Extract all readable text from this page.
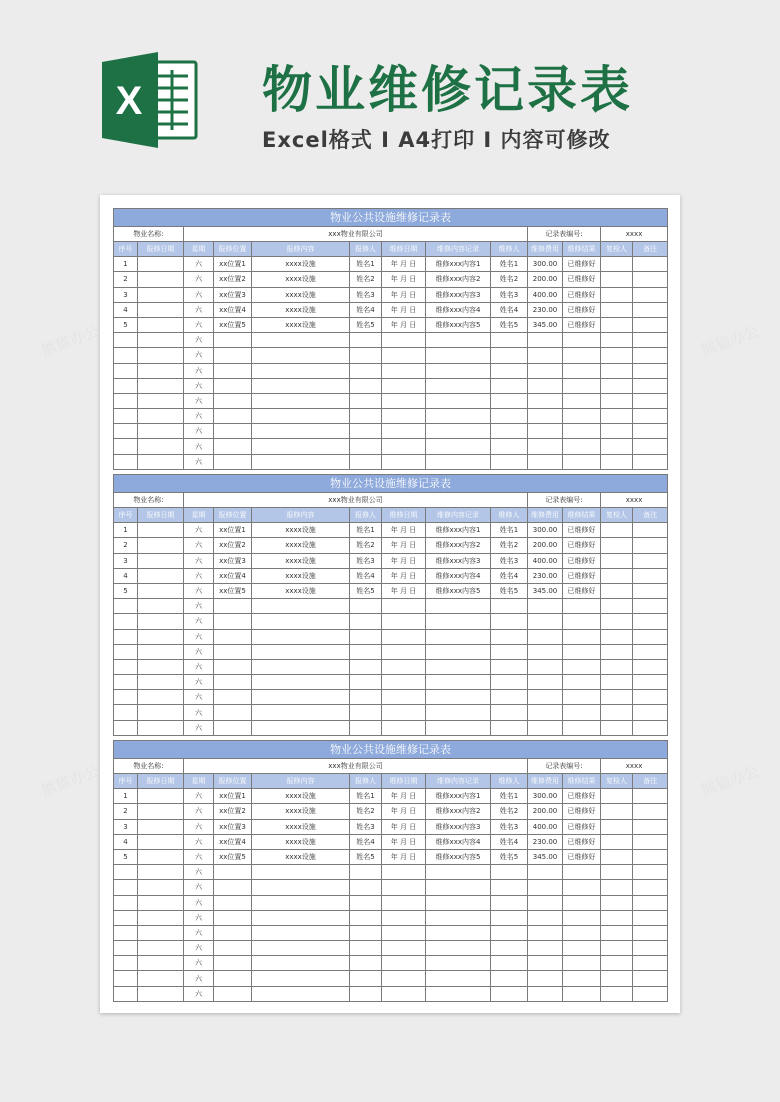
X 物业维修记录表
Excel格式 I A4打印 I 内容可修改
物业公共设施维修记录表												
物业名称:		xxx物业有限公司							记录表编号:		xxxx	
序号	报修日期	星期	报修位置	报修内容	报修人	维修日期	维修内容记录	维修人	维修费用	维修结果	复检人	备注
1		六	xx位置1	xxxx设施	姓名1	年 月 日	维修xxx内容1	姓名1	300.00	已维修好		
2		六	xx位置2	xxxx设施	姓名2	年 月 日	维修xxx内容2	姓名2	200.00	已维修好		
3		六	xx位置3	xxxx设施	姓名3	年 月 日	维修xxx内容3	姓名3	400.00	已维修好		
4		六	xx位置4	xxxx设施	姓名4	年 月 日	维修xxx内容4	姓名4	230.00	已维修好		
5		六	xx位置5	xxxx设施	姓名5	年 月 日	维修xxx内容5	姓名5	345.00	已维修好		
		六										
		六										
		六										
		六										
		六										
		六										
		六										
		六										
		六										
物业公共设施维修记录表												
物业名称:		xxx物业有限公司							记录表编号:		xxxx	
序号	报修日期	星期	报修位置	报修内容	报修人	维修日期	维修内容记录	维修人	维修费用	维修结果	复检人	备注
1		六	xx位置1	xxxx设施	姓名1	年 月 日	维修xxx内容1	姓名1	300.00	已维修好		
2		六	xx位置2	xxxx设施	姓名2	年 月 日	维修xxx内容2	姓名2	200.00	已维修好		
3		六	xx位置3	xxxx设施	姓名3	年 月 日	维修xxx内容3	姓名3	400.00	已维修好		
4		六	xx位置4	xxxx设施	姓名4	年 月 日	维修xxx内容4	姓名4	230.00	已维修好		
5		六	xx位置5	xxxx设施	姓名5	年 月 日	维修xxx内容5	姓名5	345.00	已维修好		
		六										
		六										
		六										
		六										
		六										
		六										
		六										
		六										
		六										
物业公共设施维修记录表												
物业名称:		xxx物业有限公司							记录表编号:		xxxx	
序号	报修日期	星期	报修位置	报修内容	报修人	维修日期	维修内容记录	维修人	维修费用	维修结果	复检人	备注
1		六	xx位置1	xxxx设施	姓名1	年 月 日	维修xxx内容1	姓名1	300.00	已维修好		
2		六	xx位置2	xxxx设施	姓名2	年 月 日	维修xxx内容2	姓名2	200.00	已维修好		
3		六	xx位置3	xxxx设施	姓名3	年 月 日	维修xxx内容3	姓名3	400.00	已维修好		
4		六	xx位置4	xxxx设施	姓名4	年 月 日	维修xxx内容4	姓名4	230.00	已维修好		
5		六	xx位置5	xxxx设施	姓名5	年 月 日	维修xxx内容5	姓名5	345.00	已维修好		
		六										
		六										
		六										
		六										
		六										
		六										
		六										
		六										
		六										
熊猫办公	熊猫办公
熊猫办公	熊猫办公
